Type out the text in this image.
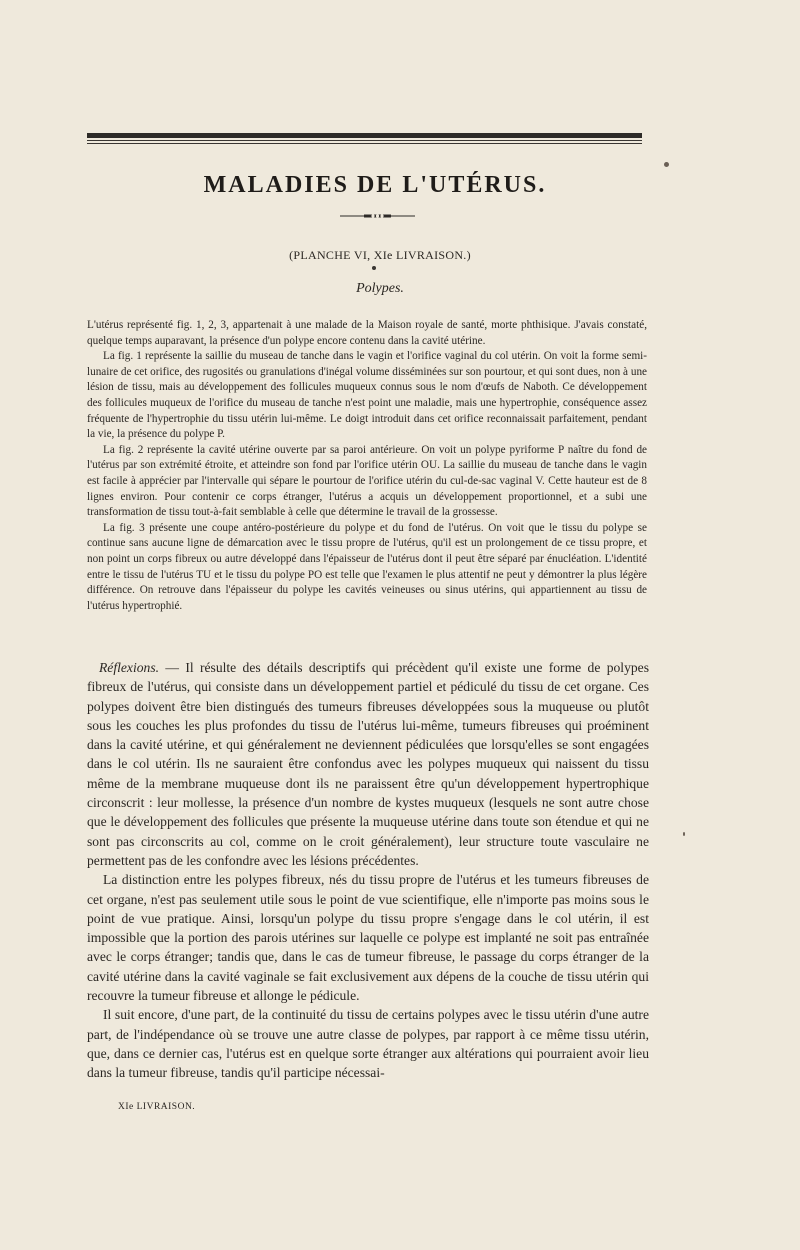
MALADIES DE L'UTÉRUS.
(PLANCHE VI, XIe LIVRAISON.)
Polypes.

L'utérus représenté fig. 1, 2, 3, appartenait à une malade de la Maison royale de santé, morte phthisique. J'avais constaté, quelque temps auparavant, la présence d'un polype encore contenu dans la cavité utérine.

La fig. 1 représente la saillie du museau de tanche dans le vagin et l'orifice vaginal du col utérin. On voit la forme semi-lunaire de cet orifice, des rugosités ou granulations d'inégal volume disséminées sur son pourtour, et qui sont dues, non à une lésion de tissu, mais au développement des follicules muqueux connus sous le nom d'œufs de Naboth. Ce développement des follicules muqueux de l'orifice du museau de tanche n'est point une maladie, mais une hypertrophie, conséquence assez fréquente de l'hypertrophie du tissu utérin lui-même. Le doigt introduit dans cet orifice reconnaissait parfaitement, pendant la vie, la présence du polype P.

La fig. 2 représente la cavité utérine ouverte par sa paroi antérieure. On voit un polype pyriforme P naître du fond de l'utérus par son extrémité étroite, et atteindre son fond par l'orifice utérin OU. La saillie du museau de tanche dans le vagin est facile à apprécier par l'intervalle qui sépare le pourtour de l'orifice utérin du cul-de-sac vaginal V. Cette hauteur est de 8 lignes environ. Pour contenir ce corps étranger, l'utérus a acquis un développement proportionnel, et a subi une transformation de tissu tout-à-fait semblable à celle que détermine le travail de la grossesse.

La fig. 3 présente une coupe antéro-postérieure du polype et du fond de l'utérus. On voit que le tissu du polype se continue sans aucune ligne de démarcation avec le tissu propre de l'utérus, qu'il est un prolongement de ce tissu propre, et non point un corps fibreux ou autre développé dans l'épaisseur de l'utérus dont il peut être séparé par énucléation. L'identité entre le tissu de l'utérus TU et le tissu du polype PO est telle que l'examen le plus attentif ne peut y démontrer la plus légère différence. On retrouve dans l'épaisseur du polype les cavités veineuses ou sinus utérins, qui appartiennent au tissu de l'utérus hypertrophié.

Réflexions. — Il résulte des détails descriptifs qui précèdent qu'il existe une forme de polypes fibreux de l'utérus, qui consiste dans un développement partiel et pédiculé du tissu de cet organe. Ces polypes doivent être bien distingués des tumeurs fibreuses développées sous la muqueuse ou plutôt sous les couches les plus profondes du tissu de l'utérus lui-même, tumeurs fibreuses qui proéminent dans la cavité utérine, et qui généralement ne deviennent pédiculées que lorsqu'elles se sont engagées dans le col utérin. Ils ne sauraient être confondus avec les polypes muqueux qui naissent du tissu même de la membrane muqueuse dont ils ne paraissent être qu'un développement hypertrophique circonscrit : leur mollesse, la présence d'un nombre de kystes muqueux (lesquels ne sont autre chose que le développement des follicules que présente la muqueuse utérine dans toute son étendue et qui ne sont pas circonscrits au col, comme on le croit généralement), leur structure toute vasculaire ne permettent pas de les confondre avec les lésions précédentes.

La distinction entre les polypes fibreux, nés du tissu propre de l'utérus et les tumeurs fibreuses de cet organe, n'est pas seulement utile sous le point de vue scientifique, elle n'importe pas moins sous le point de vue pratique. Ainsi, lorsqu'un polype du tissu propre s'engage dans le col utérin, il est impossible que la portion des parois utérines sur laquelle ce polype est implanté ne soit pas entraînée avec le corps étranger; tandis que, dans le cas de tumeur fibreuse, le passage du corps étranger de la cavité utérine dans la cavité vaginale se fait exclusivement aux dépens de la couche de tissu utérin qui recouvre la tumeur fibreuse et allonge le pédicule.

Il suit encore, d'une part, de la continuité du tissu de certains polypes avec le tissu utérin d'une autre part, de l'indépendance où se trouve une autre classe de polypes, par rapport à ce même tissu utérin, que, dans ce dernier cas, l'utérus est en quelque sorte étranger aux altérations qui pourraient avoir lieu dans la tumeur fibreuse, tandis qu'il participe nécessai-

XIe LIVRAISON.
